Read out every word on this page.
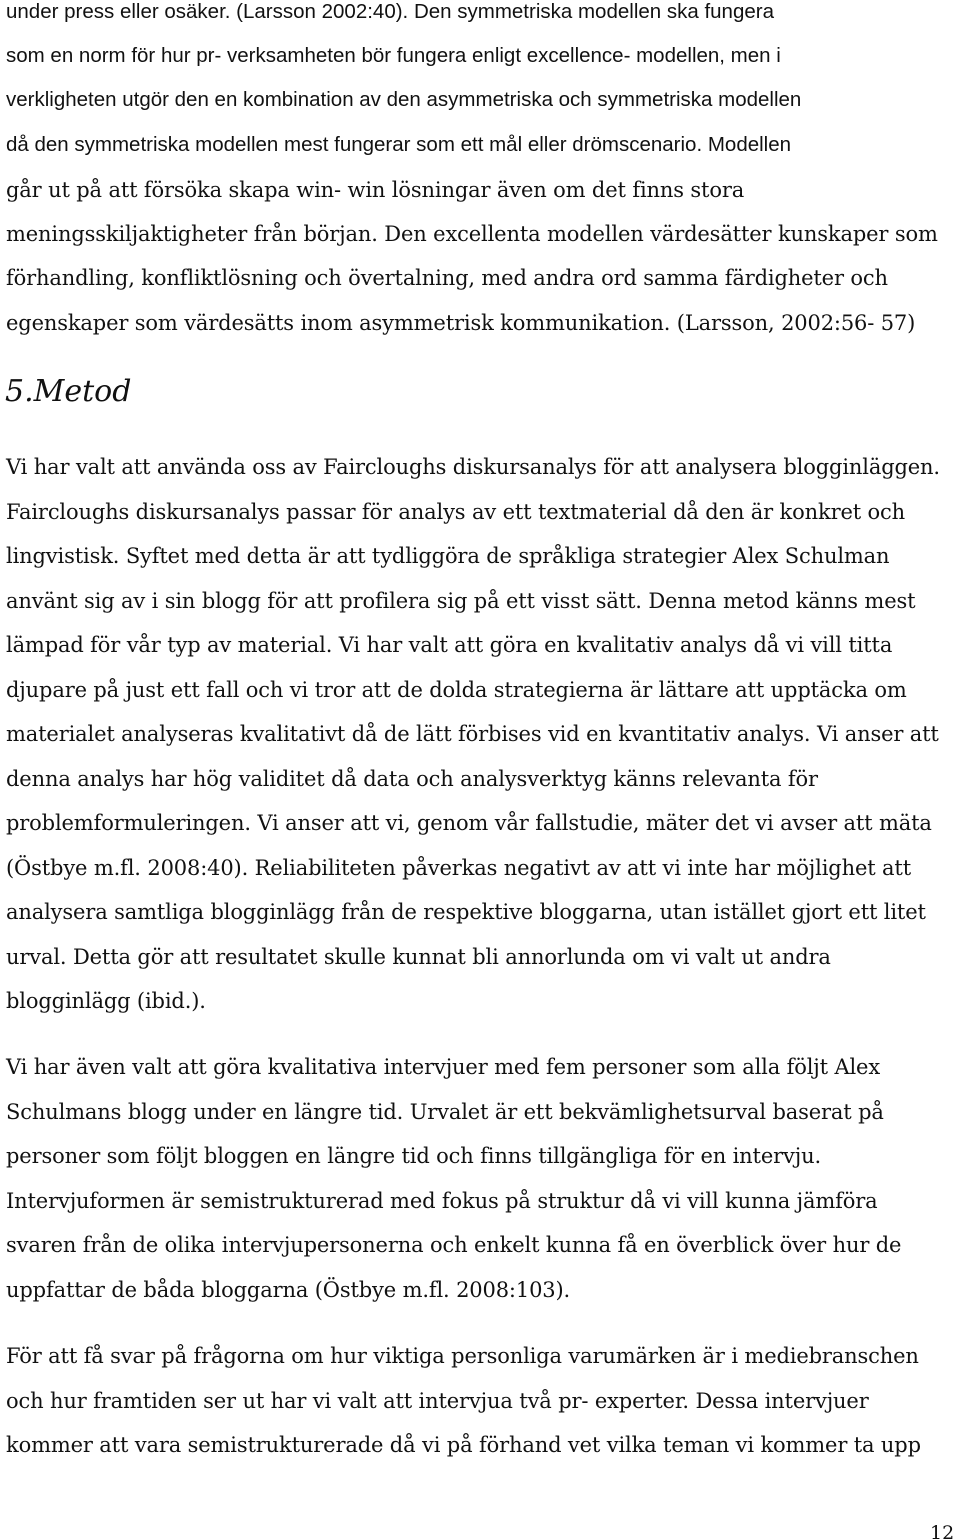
under press eller osäker. (Larsson 2002:40). Den symmetriska modellen ska fungera
som en norm för hur pr- verksamheten bör fungera enligt excellence- modellen, men i
verkligheten utgör den en kombination av den asymmetriska och symmetriska modellen
då den symmetriska modellen mest fungerar som ett mål eller drömscenario. Modellen
går ut på att försöka skapa win- win lösningar även om det finns stora
meningsskiljaktigheter från början. Den excellenta modellen värdesätter kunskaper som
förhandling, konfliktlösning och övertalning, med andra ord samma färdigheter och
egenskaper som värdesätts inom asymmetrisk kommunikation. (Larsson, 2002:56- 57)
5.Metod
Vi har valt att använda oss av Faircloughs diskursanalys för att analysera blogginläggen.
Faircloughs diskursanalys passar för analys av ett textmaterial då den är konkret och
lingvistisk. Syftet med detta är att tydliggöra de språkliga strategier Alex Schulman
använt sig av i sin blogg för att profilera sig på ett visst sätt. Denna metod känns mest
lämpad för vår typ av material. Vi har valt att göra en kvalitativ analys då vi vill titta
djupare på just ett fall och vi tror att de dolda strategierna är lättare att upptäcka om
materialet analyseras kvalitativt då de lätt förbises vid en kvantitativ analys. Vi anser att
denna analys har hög validitet då data och analysverktyg känns relevanta för
problemformuleringen. Vi anser att vi, genom vår fallstudie, mäter det vi avser att mäta
(Östbye m.fl. 2008:40). Reliabiliteten påverkas negativt av att vi inte har möjlighet att
analysera samtliga blogginlägg från de respektive bloggarna, utan istället gjort ett litet
urval. Detta gör att resultatet skulle kunnat bli annorlunda om vi valt ut andra
blogginlägg (ibid.).
Vi har även valt att göra kvalitativa intervjuer med fem personer som alla följt Alex
Schulmans blogg under en längre tid. Urvalet är ett bekvämlighetsurval baserat på
personer som följt bloggen en längre tid och finns tillgängliga för en intervju.
Intervjuformen är semistrukturerad med fokus på struktur då vi vill kunna jämföra
svaren från de olika intervjupersonerna och enkelt kunna få en överblick över hur de
uppfattar de båda bloggarna (Östbye m.fl. 2008:103).
För att få svar på frågorna om hur viktiga personliga varumärken är i mediebranschen
och hur framtiden ser ut har vi valt att intervjua två pr- experter. Dessa intervjuer
kommer att vara semistrukturerade då vi på förhand vet vilka teman vi kommer ta upp
12
